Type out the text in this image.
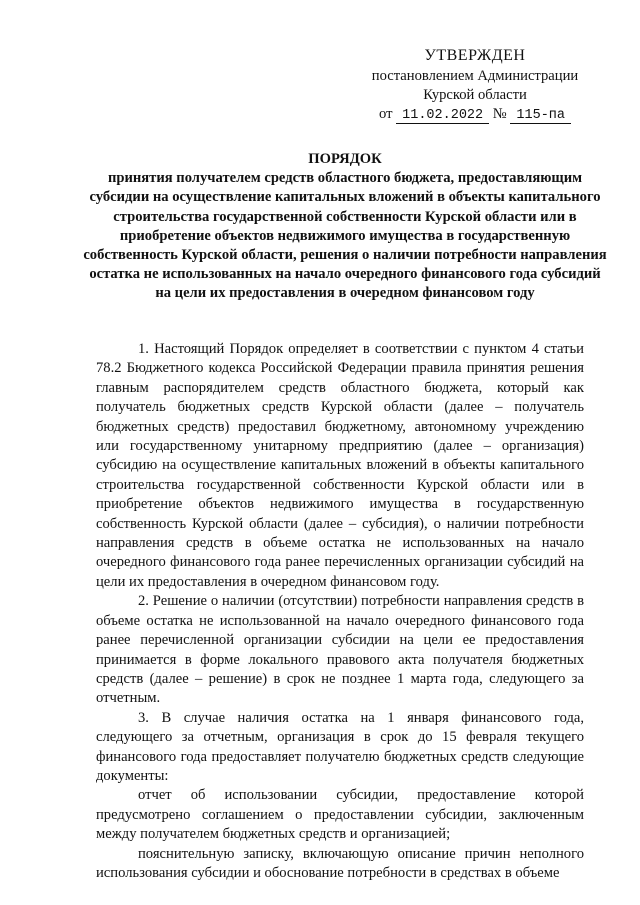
УТВЕРЖДЕН
постановлением Администрации
Курской области
от 11.02.2022 № 115-па
ПОРЯДОК
принятия получателем средств областного бюджета, предоставляющим субсидии на осуществление капитальных вложений в объекты капитального строительства государственной собственности Курской области или в приобретение объектов недвижимого имущества в государственную собственность Курской области, решения о наличии потребности направления остатка не использованных на начало очередного финансового года субсидий на цели их предоставления в очередном финансовом году

1. Настоящий Порядок определяет в соответствии с пунктом 4 статьи 78.2 Бюджетного кодекса Российской Федерации правила принятия решения главным распорядителем средств областного бюджета, который как получатель бюджетных средств Курской области (далее – получатель бюджетных средств) предоставил бюджетному, автономному учреждению или государственному унитарному предприятию (далее – организация) субсидию на осуществление капитальных вложений в объекты капитального строительства государственной собственности Курской области или в приобретение объектов недвижимого имущества в государственную собственность Курской области (далее – субсидия), о наличии потребности направления средств в объеме остатка не использованных на начало очередного финансового года ранее перечисленных организации субсидий на цели их предоставления в очередном финансовом году.

2. Решение о наличии (отсутствии) потребности направления средств в объеме остатка не использованной на начало очередного финансового года ранее перечисленной организации субсидии на цели ее предоставления принимается в форме локального правового акта получателя бюджетных средств (далее – решение) в срок не позднее 1 марта года, следующего за отчетным.

3. В случае наличия остатка на 1 января финансового года, следующего за отчетным, организация в срок до 15 февраля текущего финансового года предоставляет получателю бюджетных средств следующие документы:

отчет об использовании субсидии, предоставление которой предусмотрено соглашением о предоставлении субсидии, заключенным между получателем бюджетных средств и организацией;

пояснительную записку, включающую описание причин неполного использования субсидии и обоснование потребности в средствах в объеме
